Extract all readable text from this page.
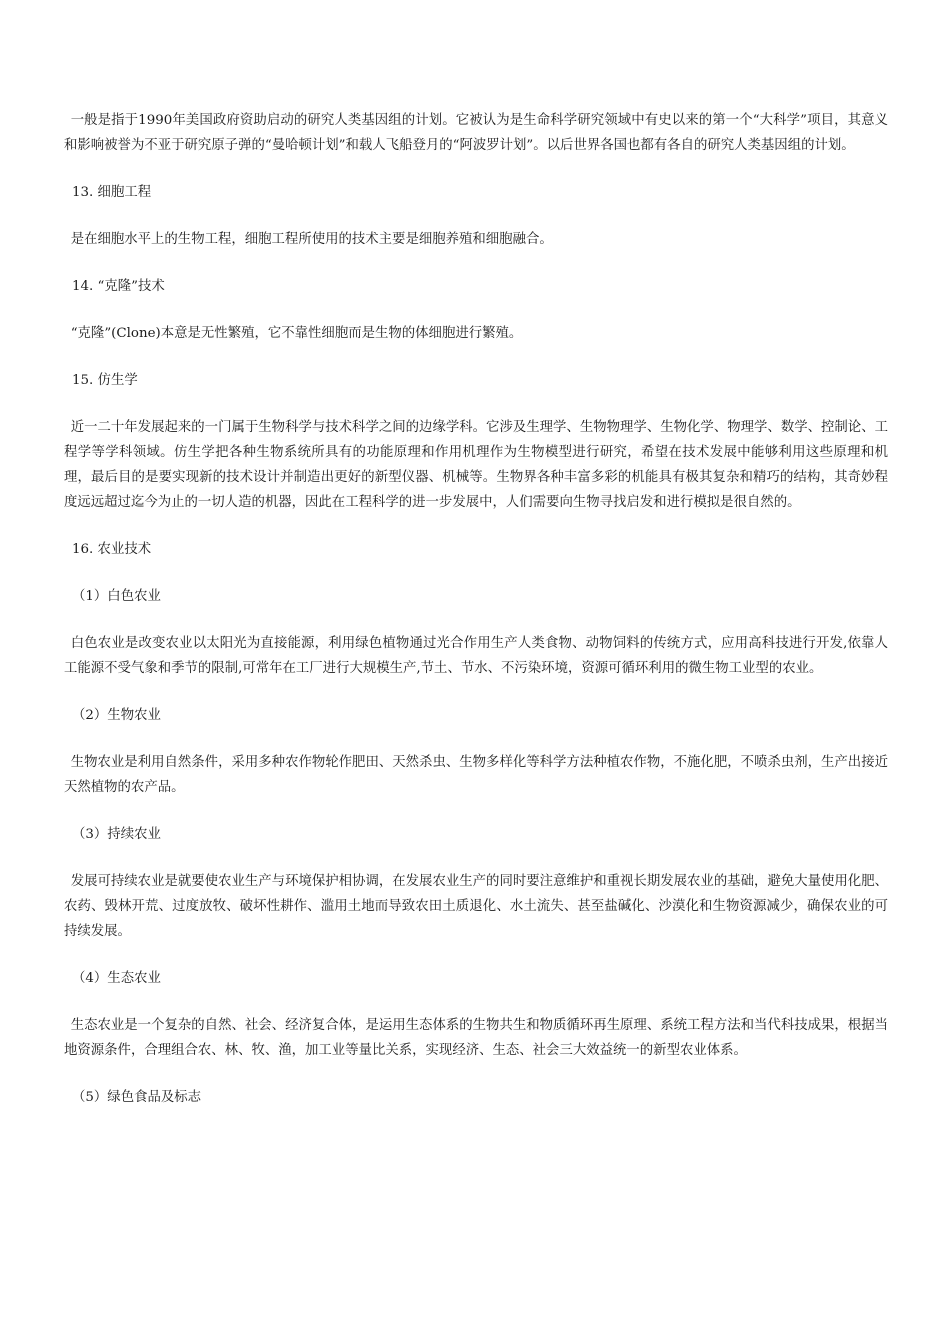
一般是指于1990年美国政府资助启动的研究人类基因组的计划。它被认为是生命科学研究领域中有史以来的第一个“大科学”项目，其意义和影响被誉为不亚于研究原子弹的“曼哈顿计划”和载人飞船登月的“阿波罗计划”。以后世界各国也都有各自的研究人类基因组的计划。

13. 细胞工程

是在细胞水平上的生物工程，细胞工程所使用的技术主要是细胞养殖和细胞融合。

14. “克隆”技术

“克隆”(Clone)本意是无性繁殖，它不靠性细胞而是生物的体细胞进行繁殖。

15. 仿生学

近一二十年发展起来的一门属于生物科学与技术科学之间的边缘学科。它涉及生理学、生物物理学、生物化学、物理学、数学、控制论、工程学等学科领域。仿生学把各种生物系统所具有的功能原理和作用机理作为生物模型进行研究，希望在技术发展中能够利用这些原理和机理，最后目的是要实现新的技术设计并制造出更好的新型仪器、机械等。生物界各种丰富多彩的机能具有极其复杂和精巧的结构，其奇妙程度远远超过迄今为止的一切人造的机器，因此在工程科学的进一步发展中，人们需要向生物寻找启发和进行模拟是很自然的。

16. 农业技术

（1）白色农业

白色农业是改变农业以太阳光为直接能源，利用绿色植物通过光合作用生产人类食物、动物饲料的传统方式，应用高科技进行开发,依靠人工能源不受气象和季节的限制,可常年在工厂进行大规模生产,节土、节水、不污染环境，资源可循环利用的微生物工业型的农业。

（2）生物农业

生物农业是利用自然条件，采用多种农作物轮作肥田、天然杀虫、生物多样化等科学方法种植农作物，不施化肥，不喷杀虫剂，生产出接近天然植物的农产品。

（3）持续农业

发展可持续农业是就要使农业生产与环境保护相协调，在发展农业生产的同时要注意维护和重视长期发展农业的基础，避免大量使用化肥、农药、毁林开荒、过度放牧、破坏性耕作、滥用土地而导致农田土质退化、水土流失、甚至盐碱化、沙漠化和生物资源减少，确保农业的可持续发展。

（4）生态农业

生态农业是一个复杂的自然、社会、经济复合体，是运用生态体系的生物共生和物质循环再生原理、系统工程方法和当代科技成果，根据当地资源条件，合理组合农、林、牧、渔，加工业等量比关系，实现经济、生态、社会三大效益统一的新型农业体系。

（5）绿色食品及标志
